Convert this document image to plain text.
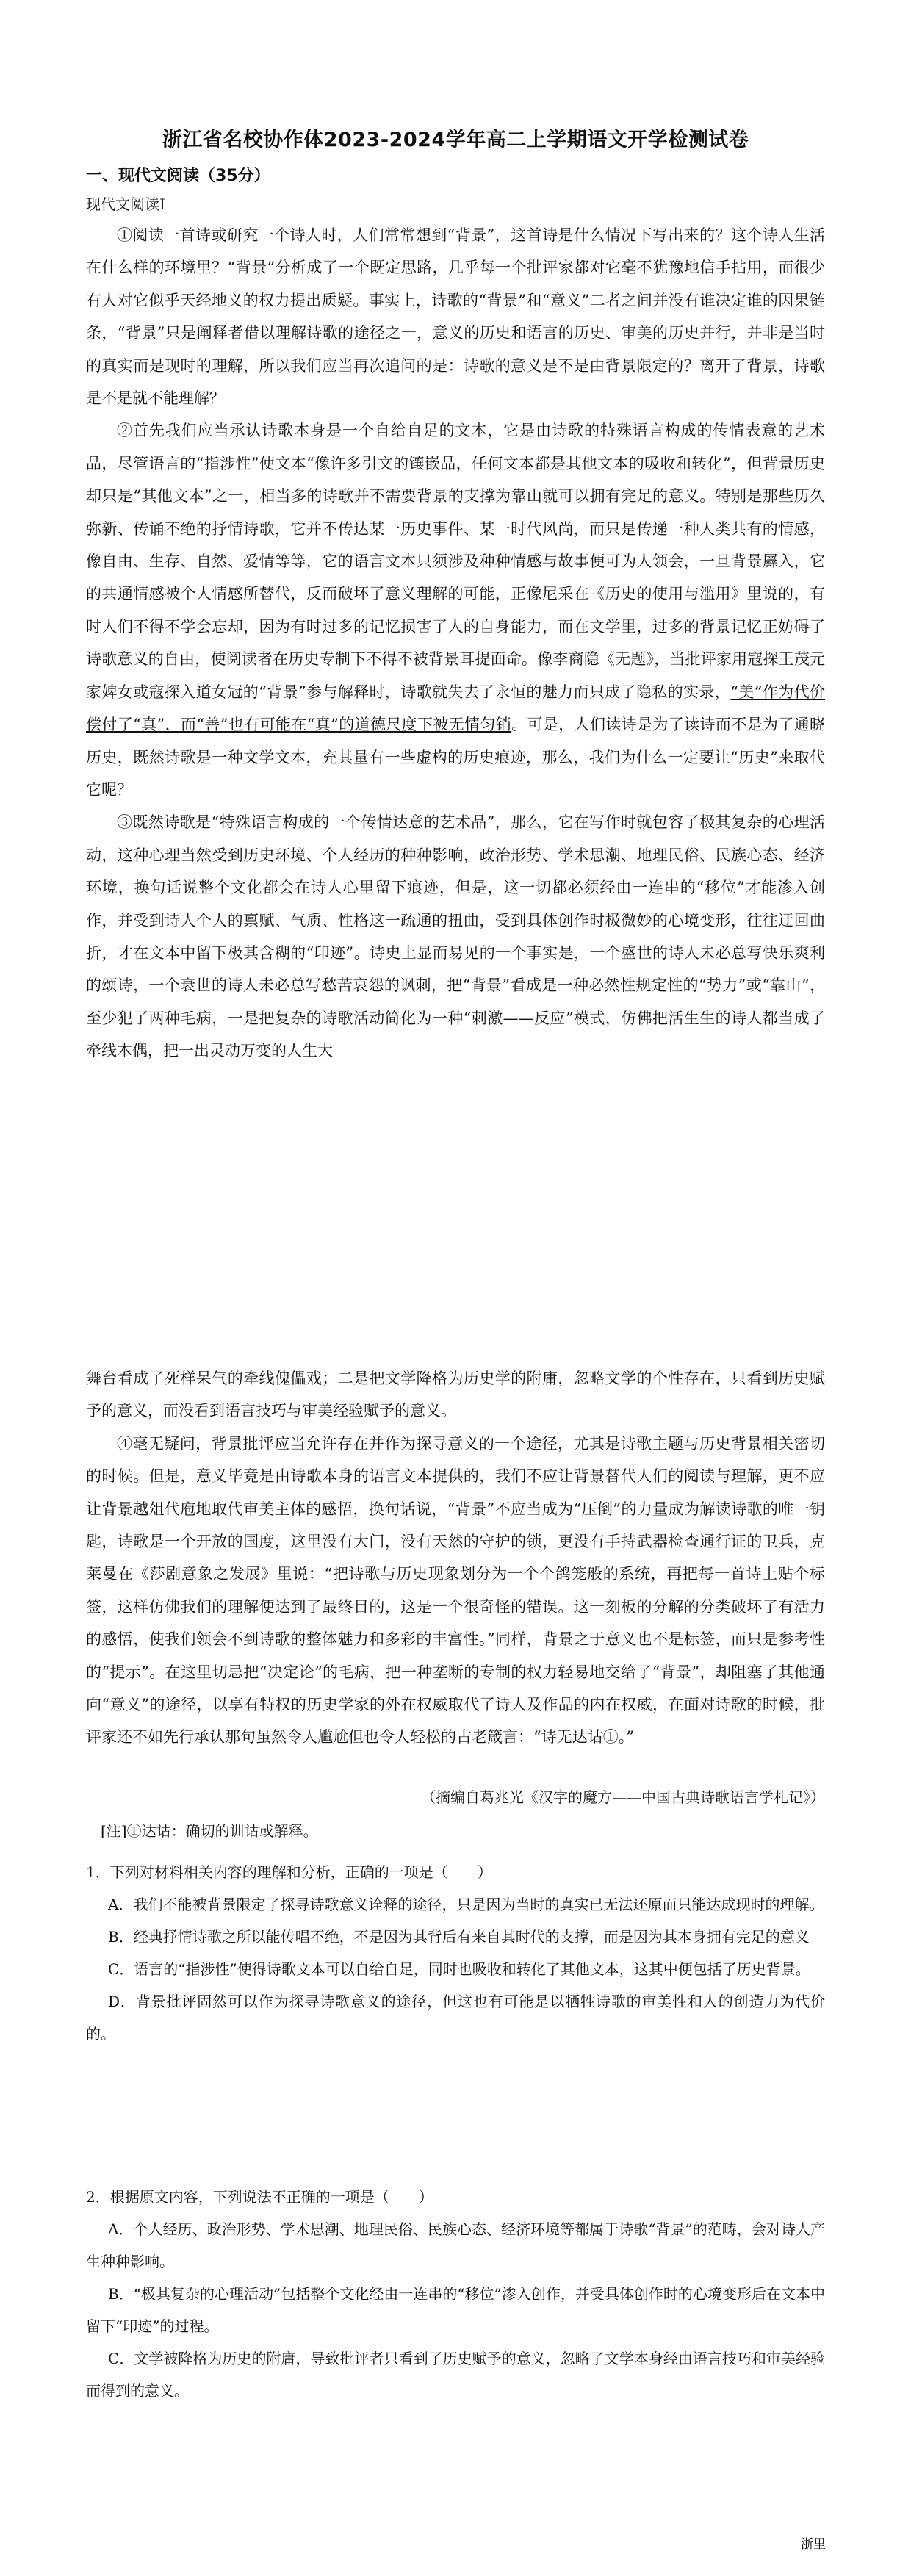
浙江省名校协作体2023-2024学年高二上学期语文开学检测试卷
一、现代文阅读（35分）
现代文阅读Ⅰ

①阅读一首诗或研究一个诗人时，人们常常想到“背景”，这首诗是什么情况下写出来的？这个诗人生活在什么样的环境里？“背景”分析成了一个既定思路，几乎每一个批评家都对它毫不犹豫地信手拈用，而很少有人对它似乎天经地义的权力提出质疑。事实上，诗歌的“背景”和“意义”二者之间并没有谁决定谁的因果链条，“背景”只是阐释者借以理解诗歌的途径之一，意义的历史和语言的历史、审美的历史并行，并非是当时的真实而是现时的理解，所以我们应当再次追问的是：诗歌的意义是不是由背景限定的？离开了背景，诗歌是不是就不能理解？

②首先我们应当承认诗歌本身是一个自给自足的文本，它是由诗歌的特殊语言构成的传情表意的艺术品，尽管语言的“指涉性”使文本“像许多引文的镶嵌品，任何文本都是其他文本的吸收和转化”，但背景历史却只是“其他文本”之一，相当多的诗歌并不需要背景的支撑为靠山就可以拥有完足的意义。特别是那些历久弥新、传诵不绝的抒情诗歌，它并不传达某一历史事件、某一时代风尚，而只是传递一种人类共有的情感，像自由、生存、自然、爱情等等，它的语言文本只须涉及种种情感与故事便可为人领会，一旦背景羼入，它的共通情感被个人情感所替代，反而破坏了意义理解的可能，正像尼采在《历史的使用与滥用》里说的，有时人们不得不学会忘却，因为有时过多的记忆损害了人的自身能力，而在文学里，过多的背景记忆正妨碍了诗歌意义的自由，使阅读者在历史专制下不得不被背景耳提面命。像李商隐《无题》，当批评家用寇探王茂元家婢女或寇探入道女冠的“背景”参与解释时，诗歌就失去了永恒的魅力而只成了隐私的实录，“美”作为代价偿付了“真”，而“善”也有可能在“真”的道德尺度下被无情匀销。可是，人们读诗是为了读诗而不是为了通晓历史，既然诗歌是一种文学文本，充其量有一些虚构的历史痕迹，那么，我们为什么一定要让“历史”来取代它呢？

③既然诗歌是“特殊语言构成的一个传情达意的艺术品”，那么，它在写作时就包容了极其复杂的心理活动，这种心理当然受到历史环境、个人经历的种种影响，政治形势、学术思潮、地理民俗、民族心态、经济环境，换句话说整个文化都会在诗人心里留下痕迹，但是，这一切都必须经由一连串的“移位”才能渗入创作，并受到诗人个人的禀赋、气质、性格这一疏通的扭曲，受到具体创作时极微妙的心境变形，往往迂回曲折，才在文本中留下极其含糊的“印迹”。诗史上显而易见的一个事实是，一个盛世的诗人未必总写快乐爽利的颂诗，一个衰世的诗人未必总写愁苦哀怨的讽刺，把“背景”看成是一种必然性规定性的“势力”或“靠山”，至少犯了两种毛病，一是把复杂的诗歌活动简化为一种“刺激——反应”模式，仿佛把活生生的诗人都当成了牵线木偶，把一出灵动万变的人生大

舞台看成了死样呆气的牵线傀儡戏；二是把文学降格为历史学的附庸，忽略文学的个性存在，只看到历史赋予的意义，而没看到语言技巧与审美经验赋予的意义。

④毫无疑问，背景批评应当允许存在并作为探寻意义的一个途径，尤其是诗歌主题与历史背景相关密切的时候。但是，意义毕竟是由诗歌本身的语言文本提供的，我们不应让背景替代人们的阅读与理解，更不应让背景越俎代庖地取代审美主体的感悟，换句话说，“背景”不应当成为“压倒”的力量成为解读诗歌的唯一钥匙，诗歌是一个开放的国度，这里没有大门，没有天然的守护的锁，更没有手持武器检查通行证的卫兵，克莱曼在《莎剧意象之发展》里说：“把诗歌与历史现象划分为一个个鸽笼般的系统，再把每一首诗上贴个标签，这样仿佛我们的理解便达到了最终目的，这是一个很奇怪的错误。这一刻板的分解的分类破坏了有活力的感悟，使我们领会不到诗歌的整体魅力和多彩的丰富性。”同样，背景之于意义也不是标签，而只是参考性的“提示”。在这里切忌把“决定论”的毛病，把一种垄断的专制的权力轻易地交给了“背景”，却阻塞了其他通向“意义”的途径，以享有特权的历史学家的外在权威取代了诗人及作品的内在权威，在面对诗歌的时候，批评家还不如先行承认那句虽然令人尴尬但也令人轻松的古老箴言：“诗无达诂①。”

（摘编自葛兆光《汉字的魔方——中国古典诗歌语言学札记》）
[注]①达诂：确切的训诂或解释。

1．下列对材料相关内容的理解和分析，正确的一项是（　　）

A．我们不能被背景限定了探寻诗歌意义诠释的途径，只是因为当时的真实已无法还原而只能达成现时的理解。

B．经典抒情诗歌之所以能传唱不绝，不是因为其背后有来自其时代的支撑，而是因为其本身拥有完足的意义

C．语言的“指涉性”使得诗歌文本可以自给自足，同时也吸收和转化了其他文本，这其中便包括了历史背景。

D．背景批评固然可以作为探寻诗歌意义的途径，但这也有可能是以牺牲诗歌的审美性和人的创造力为代价的。

2．根据原文内容，下列说法不正确的一项是（　　）

A．个人经历、政治形势、学术思潮、地理民俗、民族心态、经济环境等都属于诗歌“背景”的范畴，会对诗人产生种种影响。

B．“极其复杂的心理活动”包括整个文化经由一连串的“移位”渗入创作，并受具体创作时的心境变形后在文本中留下“印迹”的过程。

C．文学被降格为历史的附庸，导致批评者只看到了历史赋予的意义，忽略了文学本身经由语言技巧和审美经验而得到的意义。

浙里
